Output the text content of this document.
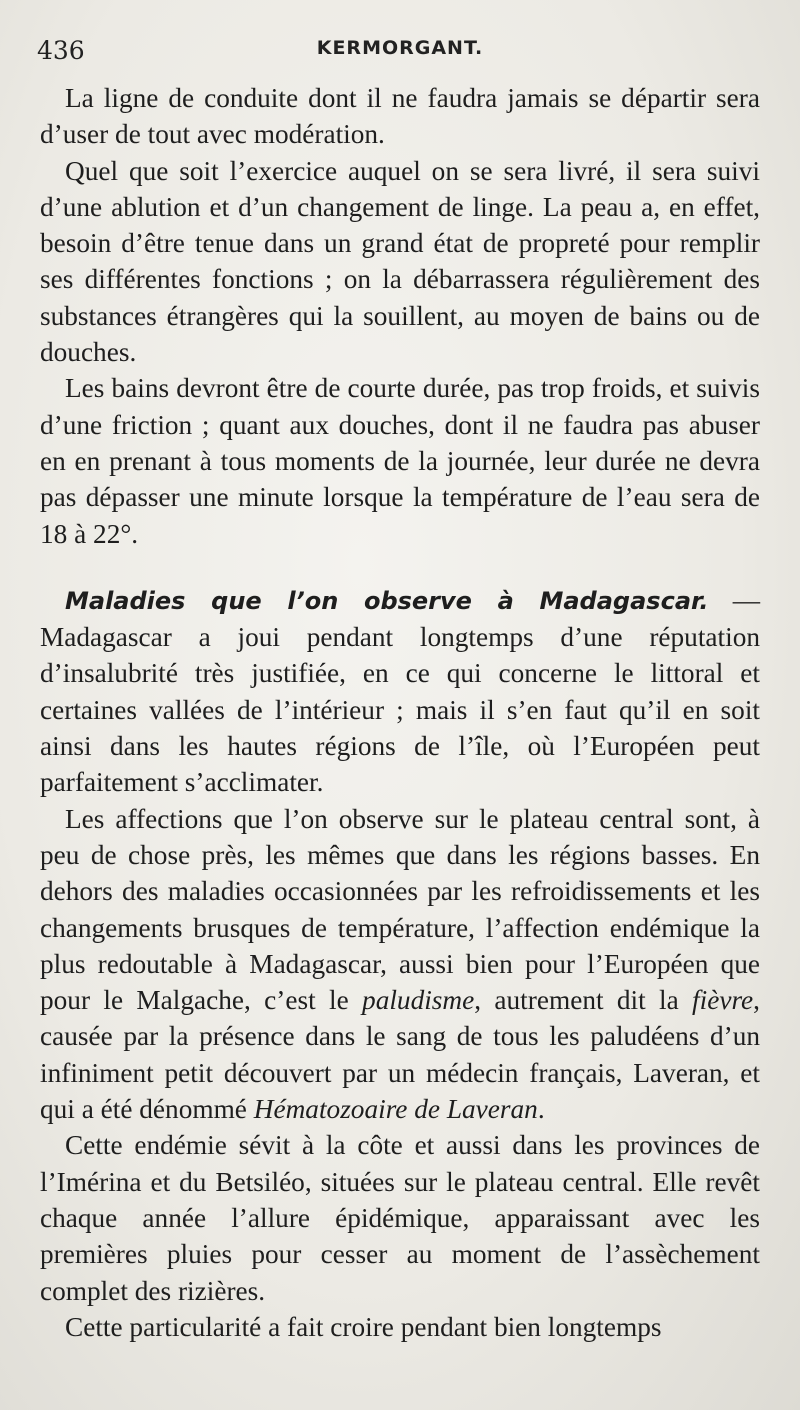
436	KERMORGANT.

La ligne de conduite dont il ne faudra jamais se départir sera d’user de tout avec modération.

Quel que soit l’exercice auquel on se sera livré, il sera suivi d’une ablution et d’un changement de linge. La peau a, en effet, besoin d’être tenue dans un grand état de propreté pour remplir ses différentes fonctions ; on la débarrassera régulièrement des substances étrangères qui la souillent, au moyen de bains ou de douches.

Les bains devront être de courte durée, pas trop froids, et suivis d’une friction ; quant aux douches, dont il ne faudra pas abuser en en prenant à tous moments de la journée, leur durée ne devra pas dépasser une minute lorsque la température de l’eau sera de 18 à 22°.

Maladies que l’on observe à Madagascar. — Madagascar a joui pendant longtemps d’une réputation d’insalubrité très justifiée, en ce qui concerne le littoral et certaines vallées de l’intérieur ; mais il s’en faut qu’il en soit ainsi dans les hautes régions de l’île, où l’Européen peut parfaitement s’acclimater.

Les affections que l’on observe sur le plateau central sont, à peu de chose près, les mêmes que dans les régions basses. En dehors des maladies occasionnées par les refroidissements et les changements brusques de température, l’affection endémique la plus redoutable à Madagascar, aussi bien pour l’Européen que pour le Malgache, c’est le paludisme, autrement dit la fièvre, causée par la présence dans le sang de tous les paludéens d’un infiniment petit découvert par un médecin français, Laveran, et qui a été dénommé Hématozoaire de Laveran.

Cette endémie sévit à la côte et aussi dans les provinces de l’Imérina et du Betsiléo, situées sur le plateau central. Elle revêt chaque année l’allure épidémique, apparaissant avec les premières pluies pour cesser au moment de l’assèchement complet des rizières.

Cette particularité a fait croire pendant bien longtemps
